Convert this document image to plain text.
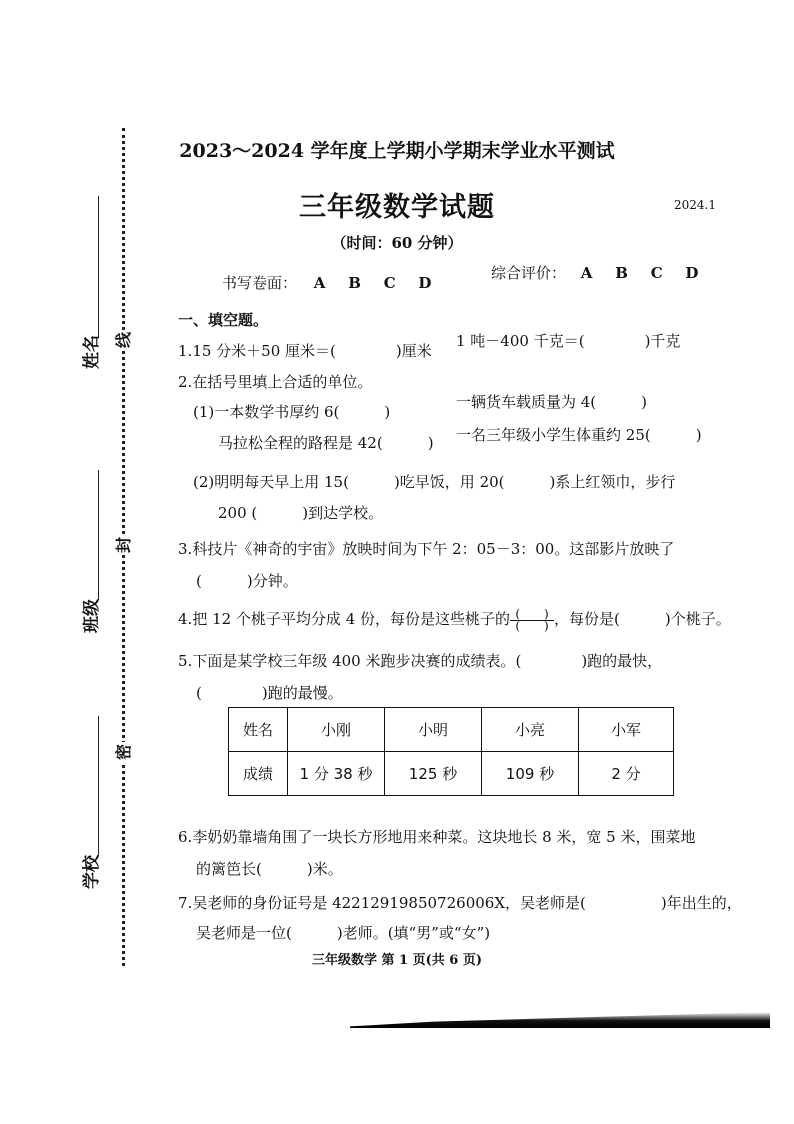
线
封
密
姓名
班级
学校
2023～2024 学年度上学期小学期末学业水平测试
三年级数学试题	2024.1
（时间：60 分钟）
书写卷面： A B C D
综合评价： A B C D
一、填空题。
1.15 分米＋50 厘米＝(　　　　)厘米
1 吨－400 千克＝(　　　　)千克
2.在括号里填上合适的单位。
(1)一本数学书厚约 6(　　　)
一辆货车载质量为 4(　　　)
马拉松全程的路程是 42(　　　) 一名三年级小学生体重约 25(　　　)
(2)明明每天早上用 15(　　　)吃早饭，用 20(　　　)系上红领巾，步行
200 (　　　)到达学校。
3.科技片《神奇的宇宙》放映时间为下午 2：05－3：00。这部影片放映了
(　　　)分钟。
4.把 12 个桃子平均分成 4 份，每份是这些桃子的 $\frac{( )}{( )}$ ，每份是(　　　)个桃子。
5.下面是某学校三年级 400 米跑步决赛的成绩表。(　　　　)跑的最快，
(　　　　)跑的最慢。
姓名	小刚	小明	小亮	小军
成绩	1 分 38 秒	125 秒	109 秒	2 分
6.李奶奶靠墙角围了一块长方形地用来种菜。这块地长 8 米，宽 5 米，围菜地
的篱笆长(　　　)米。
7.吴老师的身份证号是 42212919850726006X，吴老师是(　　　　　)年出生的，
吴老师是一位(　　　)老师。(填“男”或“女”)
三年级数学 第 1 页(共 6 页)
